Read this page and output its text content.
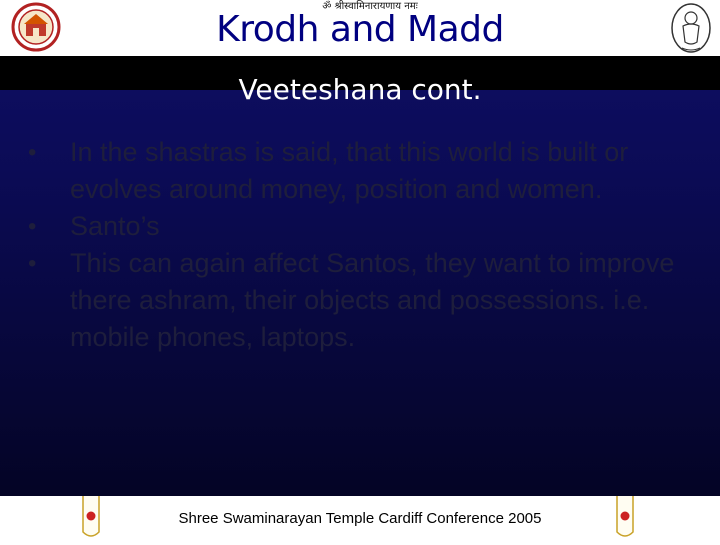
ॐ श्रीस्वामिनारायणाय नमः
Krodh and Madd
Veeteshana cont.
• In the shastras is said, that this world is built or evolves around money, position and women.
• Santo’s
• This can again affect Santos, they want to improve there ashram, their objects and possessions. i.e. mobile phones, laptops.
Shree Swaminarayan Temple Cardiff Conference 2005
